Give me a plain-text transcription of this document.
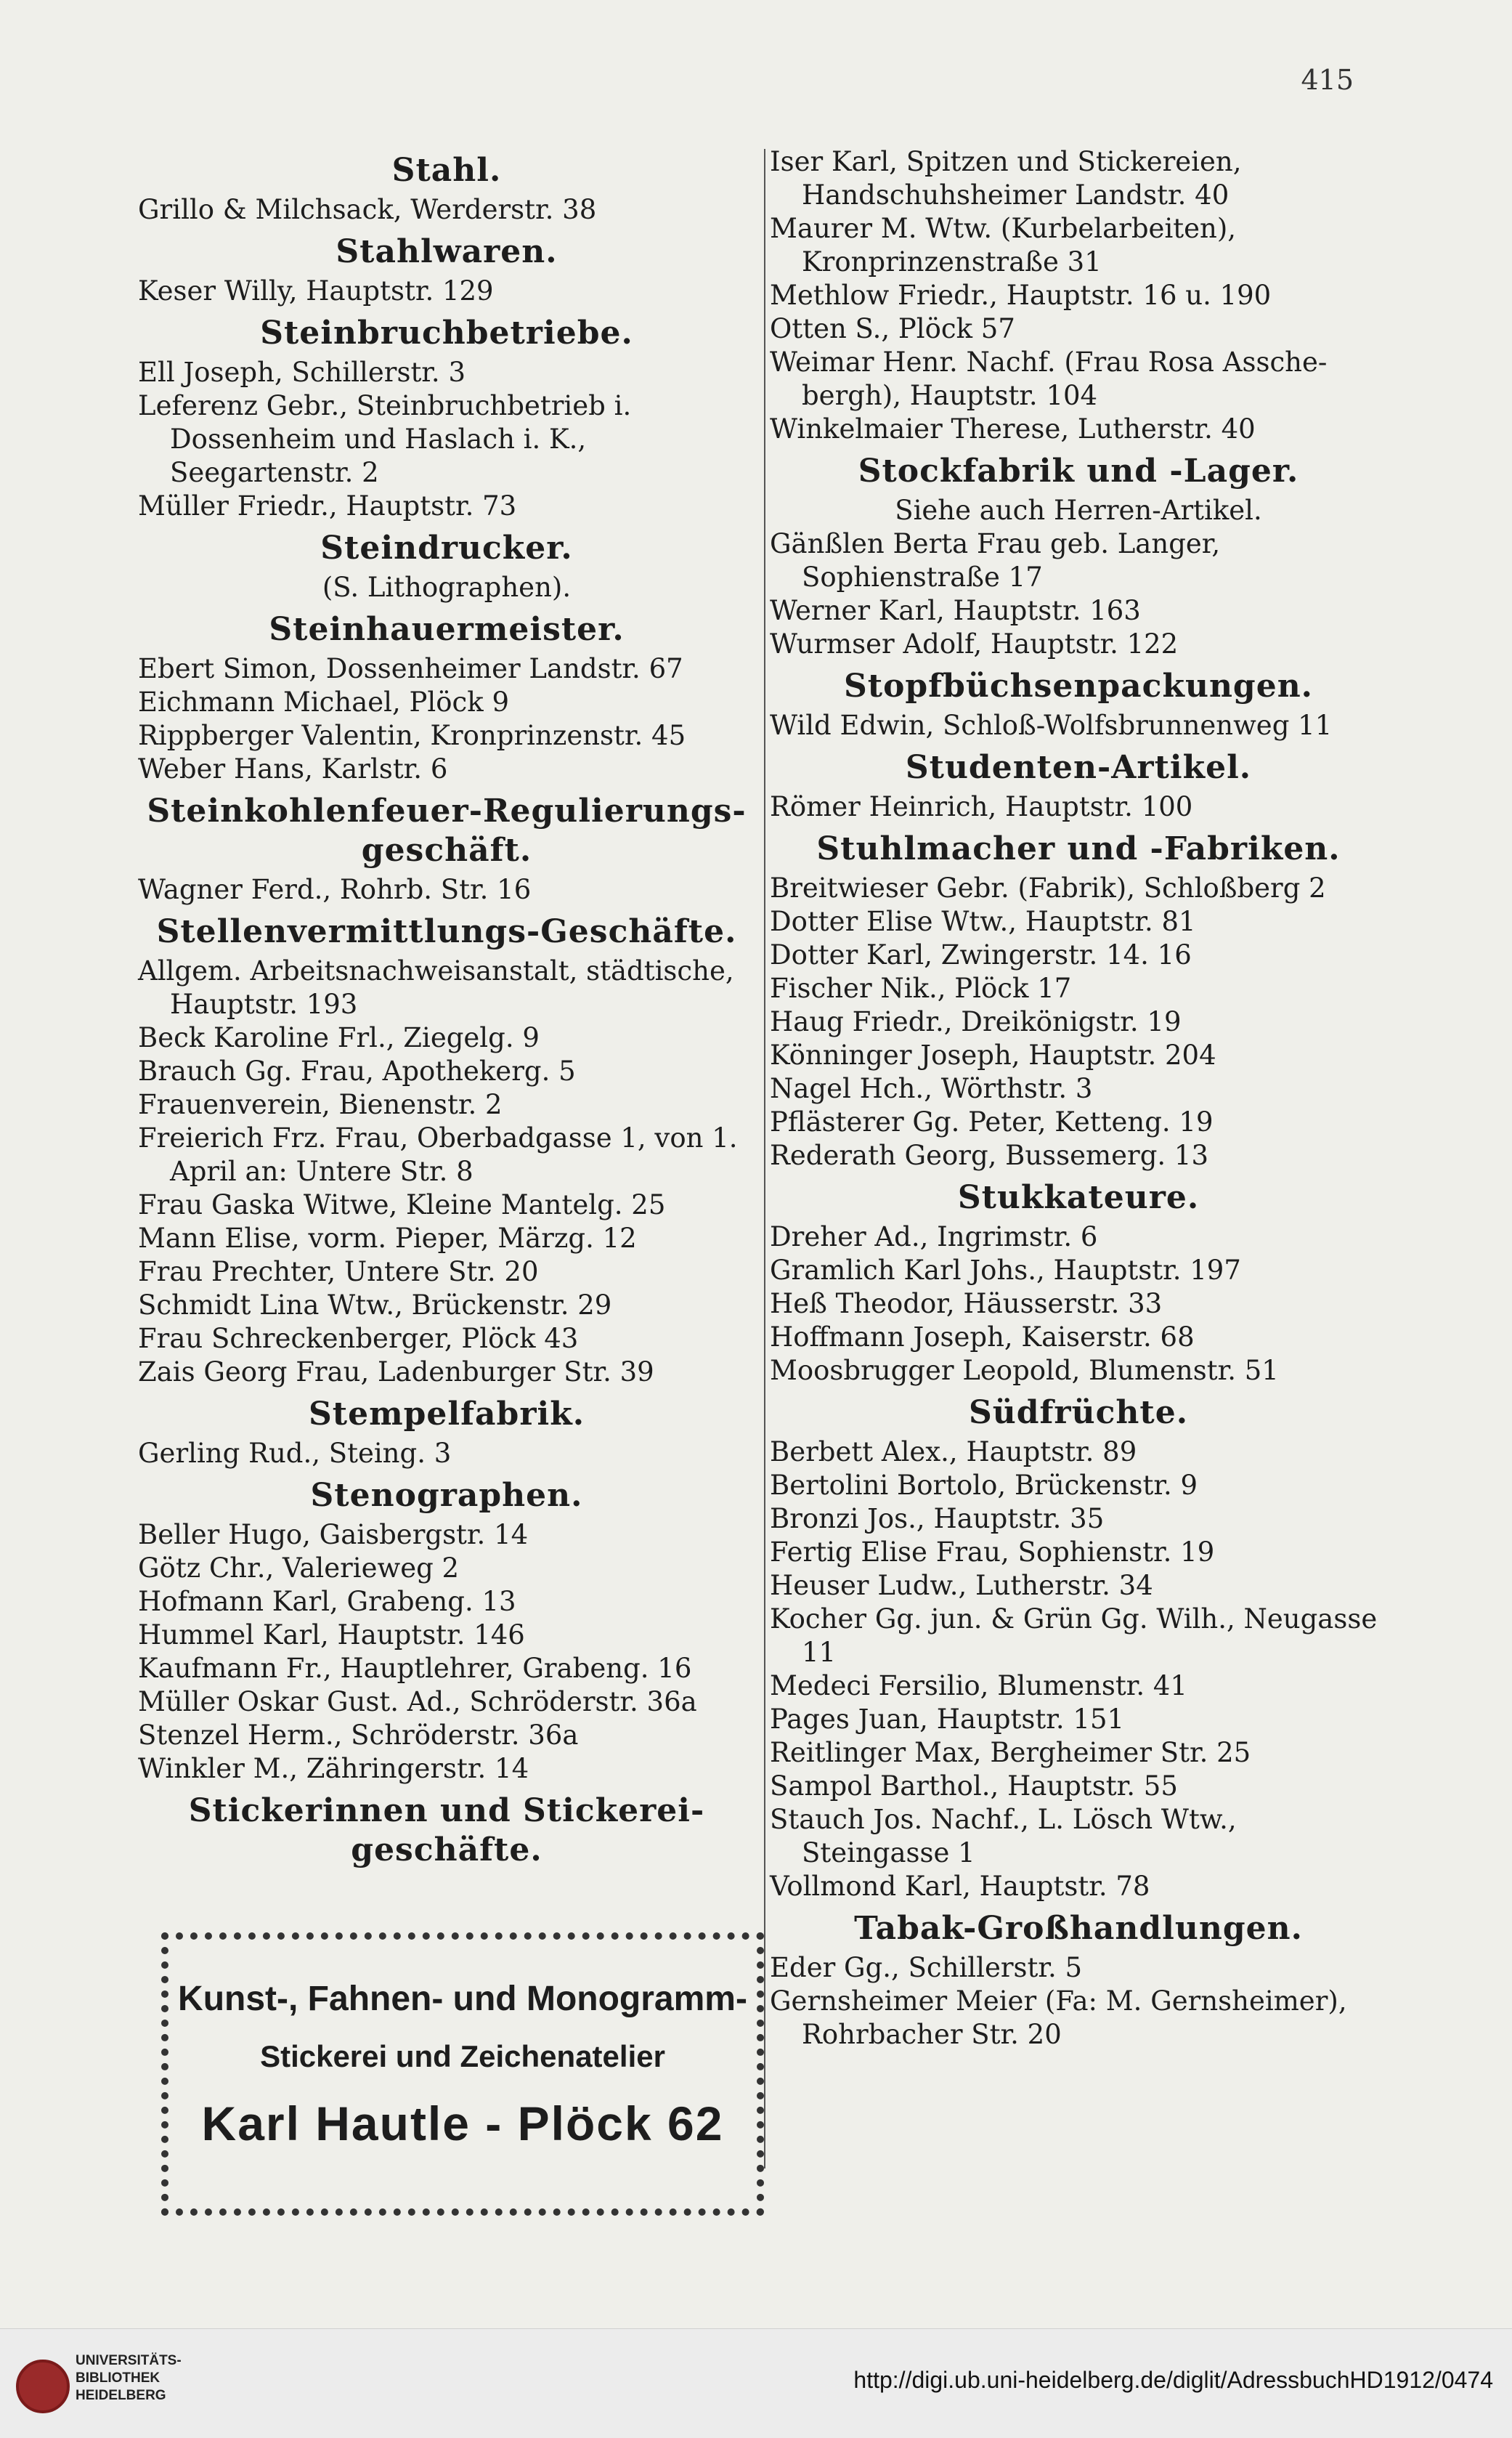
415
Stahl.
Grillo & Milchsack, Werderstr. 38
Stahlwaren.
Keser Willy, Hauptstr. 129
Steinbruchbetriebe.
Ell Joseph, Schillerstr. 3
Leferenz Gebr., Steinbruchbetrieb i. Dossenheim und Haslach i. K., Seegartenstr. 2
Müller Friedr., Hauptstr. 73
Steindrucker.
(S. Lithographen).
Steinhauermeister.
Ebert Simon, Dossenheimer Landstr. 67
Eichmann Michael, Plöck 9
Rippberger Valentin, Kronprinzenstr. 45
Weber Hans, Karlstr. 6
Steinkohlenfeuer-Regulierungs-geschäft.
Wagner Ferd., Rohrb. Str. 16
Stellenvermittlungs-Geschäfte.
Allgem. Arbeitsnachweisanstalt, städtische, Hauptstr. 193
Beck Karoline Frl., Ziegelg. 9
Brauch Gg. Frau, Apothekerg. 5
Frauenverein, Bienenstr. 2
Freierich Frz. Frau, Oberbadgasse 1, von 1. April an: Untere Str. 8
Frau Gaska Witwe, Kleine Mantelg. 25
Mann Elise, vorm. Pieper, Märzg. 12
Frau Prechter, Untere Str. 20
Schmidt Lina Wtw., Brückenstr. 29
Frau Schreckenberger, Plöck 43
Zais Georg Frau, Ladenburger Str. 39
Stempelfabrik.
Gerling Rud., Steing. 3
Stenographen.
Beller Hugo, Gaisbergstr. 14
Götz Chr., Valerieweg 2
Hofmann Karl, Grabeng. 13
Hummel Karl, Hauptstr. 146
Kaufmann Fr., Hauptlehrer, Grabeng. 16
Müller Oskar Gust. Ad., Schröderstr. 36a
Stenzel Herm., Schröderstr. 36a
Winkler M., Zähringerstr. 14
Stickerinnen und Stickerei-geschäfte.
Iser Karl, Spitzen und Stickereien, Handschuhsheimer Landstr. 40
Maurer M. Wtw. (Kurbelarbeiten), Kronprinzenstraße 31
Methlow Friedr., Hauptstr. 16 u. 190
Otten S., Plöck 57
Weimar Henr. Nachf. (Frau Rosa Assche-bergh), Hauptstr. 104
Winkelmaier Therese, Lutherstr. 40
Stockfabrik und -Lager.
Siehe auch Herren-Artikel.
Gänßlen Berta Frau geb. Langer, Sophienstraße 17
Werner Karl, Hauptstr. 163
Wurmser Adolf, Hauptstr. 122
Stopfbüchsenpackungen.
Wild Edwin, Schloß-Wolfsbrunnenweg 11
Studenten-Artikel.
Römer Heinrich, Hauptstr. 100
Stuhlmacher und -Fabriken.
Breitwieser Gebr. (Fabrik), Schloßberg 2
Dotter Elise Wtw., Hauptstr. 81
Dotter Karl, Zwingerstr. 14. 16
Fischer Nik., Plöck 17
Haug Friedr., Dreikönigstr. 19
Könninger Joseph, Hauptstr. 204
Nagel Hch., Wörthstr. 3
Pflästerer Gg. Peter, Ketteng. 19
Rederath Georg, Bussemerg. 13
Stukkateure.
Dreher Ad., Ingrimstr. 6
Gramlich Karl Johs., Hauptstr. 197
Heß Theodor, Häusserstr. 33
Hoffmann Joseph, Kaiserstr. 68
Moosbrugger Leopold, Blumenstr. 51
Südfrüchte.
Berbett Alex., Hauptstr. 89
Bertolini Bortolo, Brückenstr. 9
Bronzi Jos., Hauptstr. 35
Fertig Elise Frau, Sophienstr. 19
Heuser Ludw., Lutherstr. 34
Kocher Gg. jun. & Grün Gg. Wilh., Neugasse 11
Medeci Fersilio, Blumenstr. 41
Pages Juan, Hauptstr. 151
Reitlinger Max, Bergheimer Str. 25
Sampol Barthol., Hauptstr. 55
Stauch Jos. Nachf., L. Lösch Wtw., Steingasse 1
Vollmond Karl, Hauptstr. 78
Tabak-Großhandlungen.
Eder Gg., Schillerstr. 5
Gernsheimer Meier (Fa: M. Gernsheimer), Rohrbacher Str. 20
Kunst-, Fahnen- und Monogramm-
Stickerei und Zeichenatelier
Karl Hautle - Plöck 62
UNIVERSITÄTS-
BIBLIOTHEK
HEIDELBERG
http://digi.ub.uni-heidelberg.de/diglit/AdressbuchHD1912/0474
